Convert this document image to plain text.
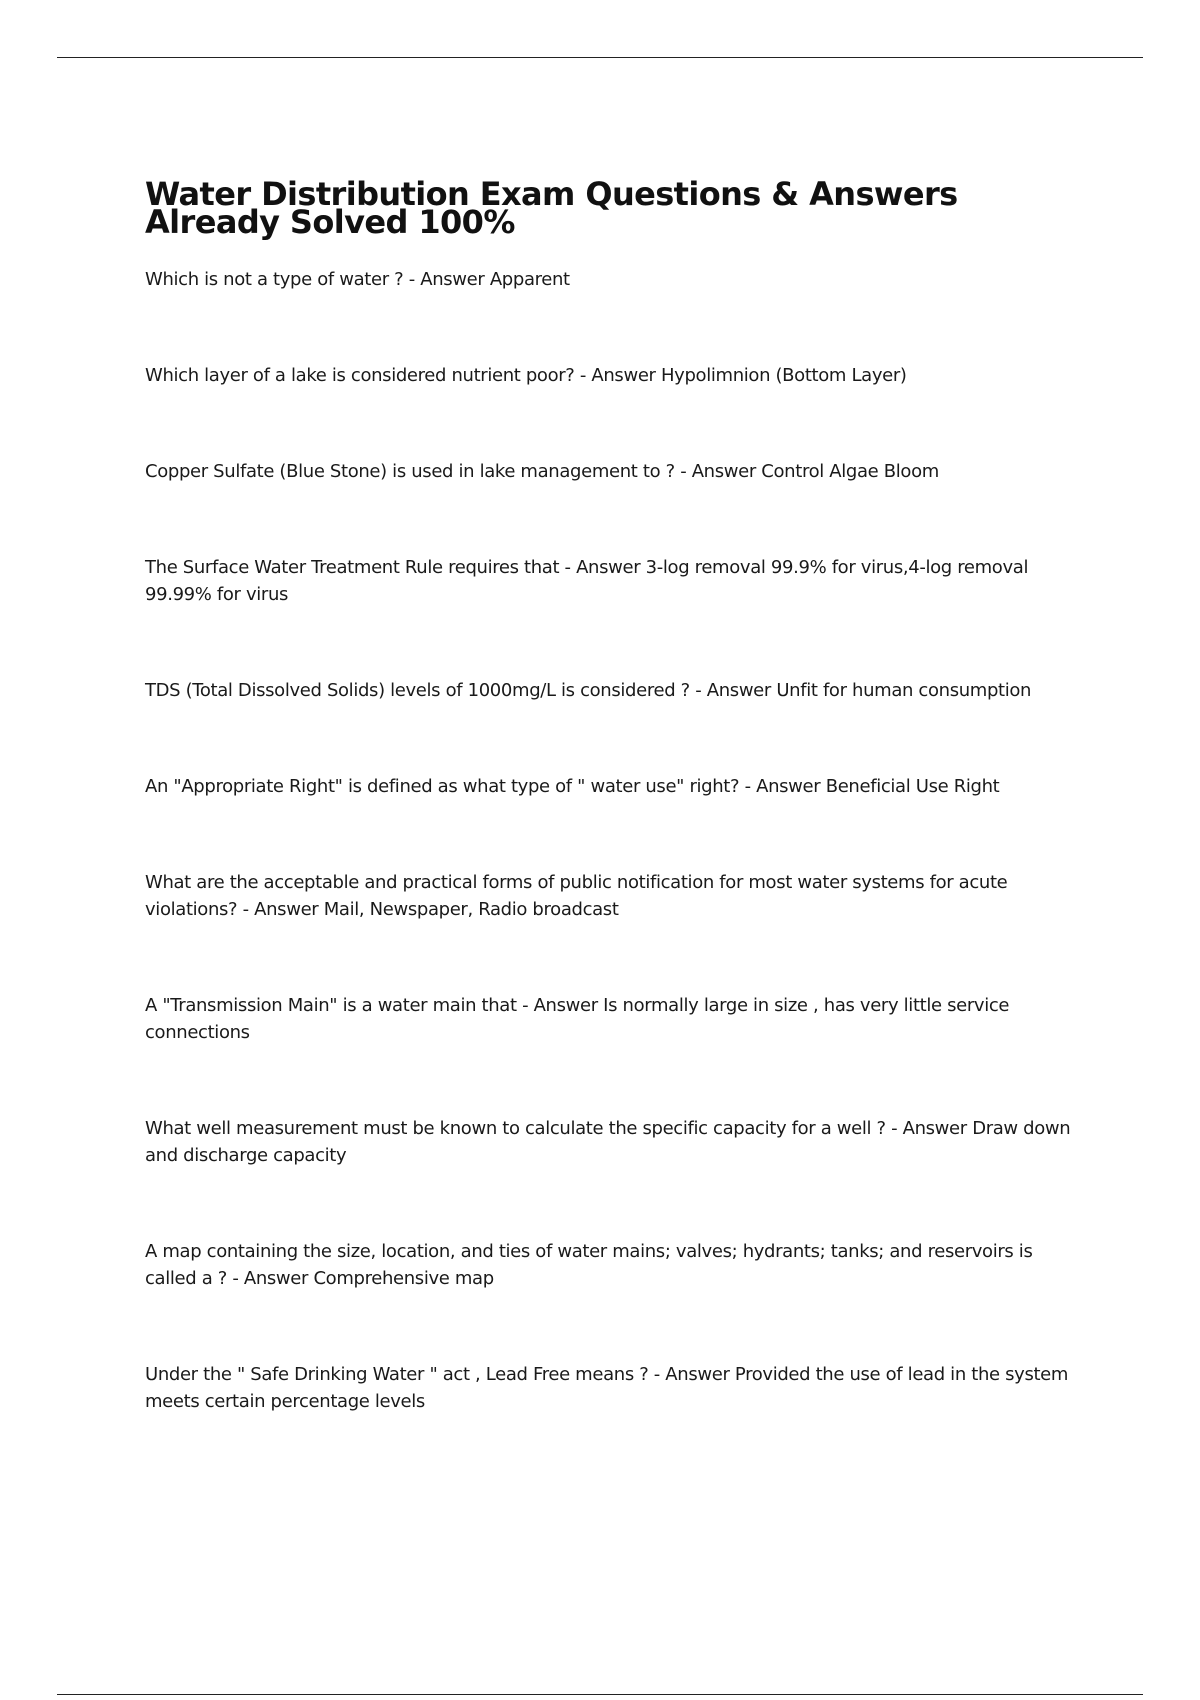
Water Distribution Exam Questions & Answers Already Solved 100%
Which is not a type of water ? - Answer Apparent
Which layer of a lake is considered nutrient poor? - Answer Hypolimnion (Bottom Layer)
Copper Sulfate (Blue Stone) is used in lake management to ? - Answer Control Algae Bloom
The Surface Water Treatment Rule requires that - Answer 3-log removal 99.9% for virus,4-log removal 99.99% for virus
TDS (Total Dissolved Solids) levels of 1000mg/L is considered ? - Answer Unfit for human consumption
An "Appropriate Right" is defined as what type of " water use" right? - Answer Beneficial Use Right
What are the acceptable and practical forms of public notification for most water systems for acute violations? - Answer Mail, Newspaper, Radio broadcast
A "Transmission Main" is a water main that - Answer Is normally large in size , has very little service connections
What well measurement must be known to calculate the specific capacity for a well ? - Answer Draw down and discharge capacity
A map containing the size, location, and ties of water mains; valves; hydrants; tanks; and reservoirs is called a ? - Answer Comprehensive map
Under the " Safe Drinking Water " act , Lead Free means ? - Answer Provided the use of lead in the system meets certain percentage levels
